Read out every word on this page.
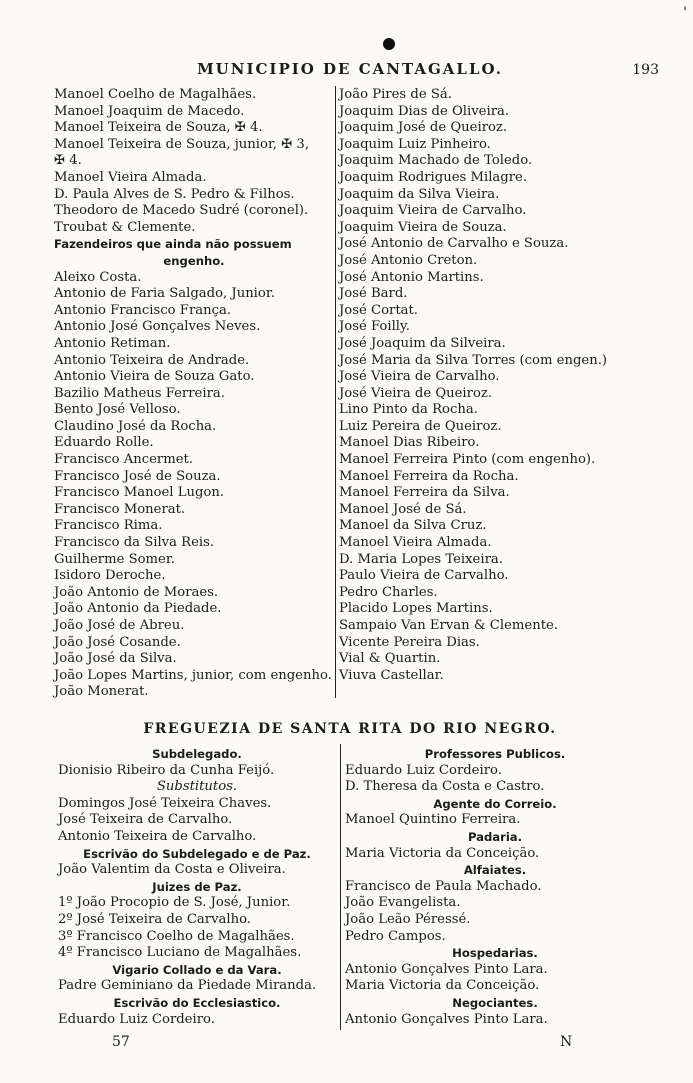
'
MUNICIPIO DE CANTAGALLO.	193
Manoel Coelho de Magalhães.
Manoel Joaquim de Macedo.
Manoel Teixeira de Souza, ✠ 4.
Manoel Teixeira de Souza, junior, ✠ 3,
✠ 4.
Manoel Vieira Almada.
D. Paula Alves de S. Pedro & Filhos.
Theodoro de Macedo Sudré (coronel).
Troubat & Clemente.
Fazendeiros que ainda não possuem
engenho.
Aleixo Costa.
Antonio de Faria Salgado, Junior.
Antonio Francisco França.
Antonio José Gonçalves Neves.
Antonio Retiman.
Antonio Teixeira de Andrade.
Antonio Vieira de Souza Gato.
Bazilio Matheus Ferreira.
Bento José Velloso.
Claudino José da Rocha.
Eduardo Rolle.
Francisco Ancermet.
Francisco José de Souza.
Francisco Manoel Lugon.
Francisco Monerat.
Francisco Rima.
Francisco da Silva Reis.
Guilherme Somer.
Isidoro Deroche.
João Antonio de Moraes.
João Antonio da Piedade.
João José de Abreu.
João José Cosande.
João José da Silva.
João Lopes Martins, junior, com engenho.
João Monerat.
João Pires de Sá.
Joaquim Dias de Oliveira.
Joaquim José de Queiroz.
Joaquim Luiz Pinheiro.
Joaquim Machado de Toledo.
Joaquim Rodrigues Milagre.
Joaquim da Silva Vieira.
Joaquim Vieira de Carvalho.
Joaquim Vieira de Souza.
José Antonio de Carvalho e Souza.
José Antonio Creton.
José Antonio Martins.
José Bard.
José Cortat.
José Foilly.
José Joaquim da Silveira.
José Maria da Silva Torres (com engen.)
José Vieira de Carvalho.
José Vieira de Queiroz.
Lino Pinto da Rocha.
Luiz Pereira de Queiroz.
Manoel Dias Ribeiro.
Manoel Ferreira Pinto (com engenho).
Manoel Ferreira da Rocha.
Manoel Ferreira da Silva.
Manoel José de Sá.
Manoel da Silva Cruz.
Manoel Vieira Almada.
D. Maria Lopes Teixeira.
Paulo Vieira de Carvalho.
Pedro Charles.
Placido Lopes Martins.
Sampaio Van Ervan & Clemente.
Vicente Pereira Dias.
Vial & Quartin.
Viuva Castellar.
FREGUEZIA DE SANTA RITA DO RIO NEGRO.
Subdelegado.
Dionisio Ribeiro da Cunha Feijó.
Substitutos.
Domingos José Teixeira Chaves.
José Teixeira de Carvalho.
Antonio Teixeira de Carvalho.
Escrivão do Subdelegado e de Paz.
João Valentim da Costa e Oliveira.
Juizes de Paz.
1º João Procopio de S. José, Junior.
2º José Teixeira de Carvalho.
3º Francisco Coelho de Magalhães.
4º Francisco Luciano de Magalhães.
Vigario Collado e da Vara.
Padre Geminiano da Piedade Miranda.
Escrivão do Ecclesiastico.
Eduardo Luiz Cordeiro.
Professores Publicos.
Eduardo Luiz Cordeiro.
D. Theresa da Costa e Castro.
Agente do Correio.
Manoel Quintino Ferreira.
Padaria.
Maria Victoria da Conceição.
Alfaiates.
Francisco de Paula Machado.
João Evangelista.
João Leão Péressé.
Pedro Campos.
Hospedarias.
Antonio Gonçalves Pinto Lara.
Maria Victoria da Conceição.
Negociantes.
Antonio Gonçalves Pinto Lara.
57	N
